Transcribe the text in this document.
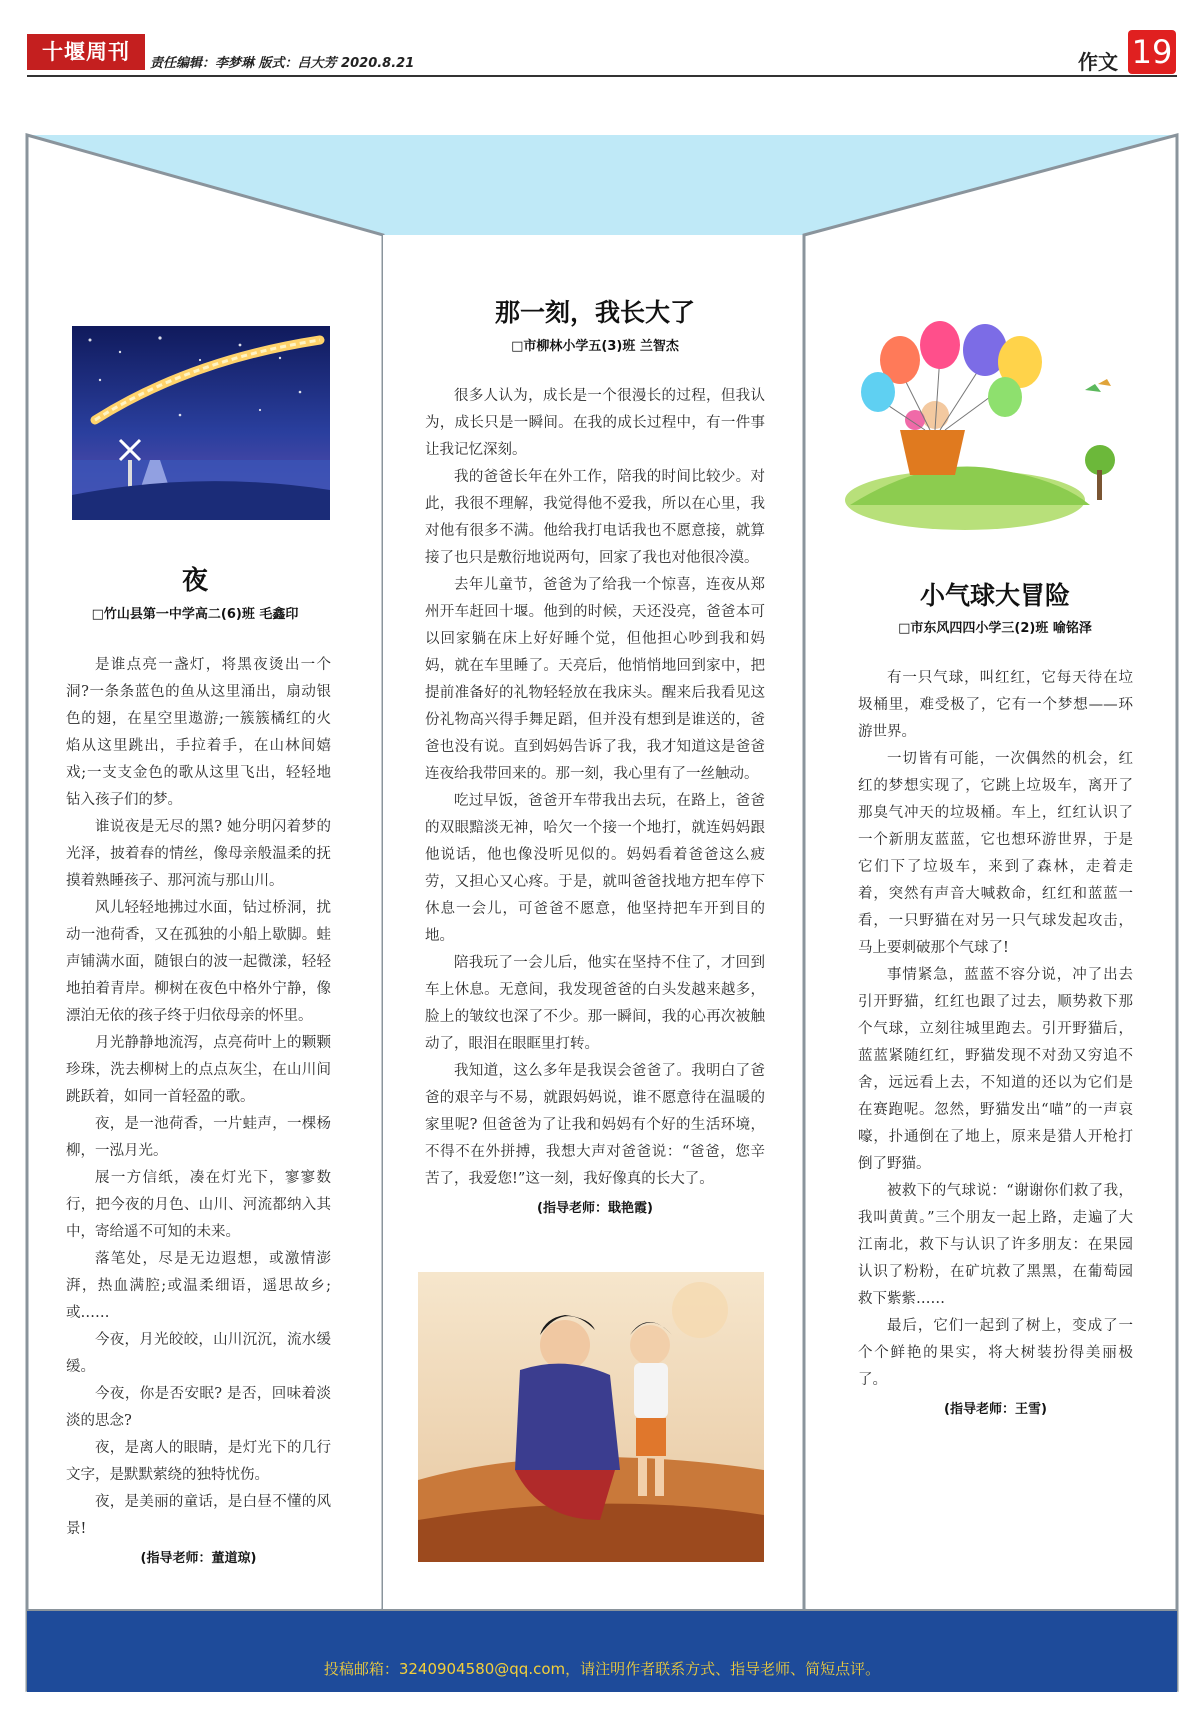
十堰周刊	责任编辑：李梦琳 版式：吕大芳 2020.8.21	作文 19
夜
□竹山县第一中学高二(6)班 毛鑫印

是谁点亮一盏灯，将黑夜烫出一个洞?一条条蓝色的鱼从这里涌出，扇动银色的翅，在星空里遨游;一簇簇橘红的火焰从这里跳出，手拉着手，在山林间嬉戏;一支支金色的歌从这里飞出，轻轻地钻入孩子们的梦。

谁说夜是无尽的黑? 她分明闪着梦的光泽，披着春的情丝，像母亲般温柔的抚摸着熟睡孩子、那河流与那山川。

风儿轻轻地拂过水面，钻过桥洞，扰动一池荷香，又在孤独的小船上歇脚。蛙声铺满水面，随银白的波一起微漾，轻轻地拍着青岸。柳树在夜色中格外宁静，像漂泊无依的孩子终于归依母亲的怀里。

月光静静地流泻，点亮荷叶上的颗颗珍珠，洗去柳树上的点点灰尘，在山川间跳跃着，如同一首轻盈的歌。

夜，是一池荷香，一片蛙声，一棵杨柳，一泓月光。

展一方信纸，凑在灯光下，寥寥数行，把今夜的月色、山川、河流都纳入其中，寄给遥不可知的未来。

落笔处，尽是无边遐想，或激情澎湃，热血满腔;或温柔细语，遥思故乡;或……

今夜，月光皎皎，山川沉沉，流水缓缓。

今夜，你是否安眠? 是否，回味着淡淡的思念?

夜，是离人的眼睛，是灯光下的几行文字，是默默萦绕的独特忧伤。

夜，是美丽的童话，是白昼不懂的风景!

(指导老师：董道琼)
那一刻，我长大了
□市柳林小学五(3)班 兰智杰

很多人认为，成长是一个很漫长的过程，但我认为，成长只是一瞬间。在我的成长过程中，有一件事让我记忆深刻。

我的爸爸长年在外工作，陪我的时间比较少。对此，我很不理解，我觉得他不爱我，所以在心里，我对他有很多不满。他给我打电话我也不愿意接，就算接了也只是敷衍地说两句，回家了我也对他很冷漠。

去年儿童节，爸爸为了给我一个惊喜，连夜从郑州开车赶回十堰。他到的时候，天还没亮，爸爸本可以回家躺在床上好好睡个觉，但他担心吵到我和妈妈，就在车里睡了。天亮后，他悄悄地回到家中，把提前准备好的礼物轻轻放在我床头。醒来后我看见这份礼物高兴得手舞足蹈，但并没有想到是谁送的，爸爸也没有说。直到妈妈告诉了我，我才知道这是爸爸连夜给我带回来的。那一刻，我心里有了一丝触动。

吃过早饭，爸爸开车带我出去玩，在路上，爸爸的双眼黯淡无神，哈欠一个接一个地打，就连妈妈跟他说话，他也像没听见似的。妈妈看着爸爸这么疲劳，又担心又心疼。于是，就叫爸爸找地方把车停下休息一会儿，可爸爸不愿意，他坚持把车开到目的地。

陪我玩了一会儿后，他实在坚持不住了，才回到车上休息。无意间，我发现爸爸的白头发越来越多，脸上的皱纹也深了不少。那一瞬间，我的心再次被触动了，眼泪在眼眶里打转。

我知道，这么多年是我误会爸爸了。我明白了爸爸的艰辛与不易，就跟妈妈说，谁不愿意待在温暖的家里呢? 但爸爸为了让我和妈妈有个好的生活环境，不得不在外拼搏，我想大声对爸爸说：“爸爸，您辛苦了，我爱您!”这一刻，我好像真的长大了。

(指导老师：戢艳霞)
小气球大冒险
□市东风四四小学三(2)班 喻铭泽

有一只气球，叫红红，它每天待在垃圾桶里，难受极了，它有一个梦想——环游世界。

一切皆有可能，一次偶然的机会，红红的梦想实现了，它跳上垃圾车，离开了那臭气冲天的垃圾桶。车上，红红认识了一个新朋友蓝蓝，它也想环游世界，于是它们下了垃圾车，来到了森林，走着走着，突然有声音大喊救命，红红和蓝蓝一看，一只野猫在对另一只气球发起攻击，马上要刺破那个气球了!

事情紧急，蓝蓝不容分说，冲了出去引开野猫，红红也跟了过去，顺势救下那个气球，立刻往城里跑去。引开野猫后，蓝蓝紧随红红，野猫发现不对劲又穷追不舍，远远看上去，不知道的还以为它们是在赛跑呢。忽然，野猫发出“喵”的一声哀嚎，扑通倒在了地上，原来是猎人开枪打倒了野猫。

被救下的气球说：“谢谢你们救了我，我叫黄黄。”三个朋友一起上路，走遍了大江南北，救下与认识了许多朋友：在果园认识了粉粉，在矿坑救了黑黑，在葡萄园救下紫紫……

最后，它们一起到了树上，变成了一个个鲜艳的果实，将大树装扮得美丽极了。

(指导老师：王雪)
投稿邮箱：3240904580@qq.com，请注明作者联系方式、指导老师、简短点评。
